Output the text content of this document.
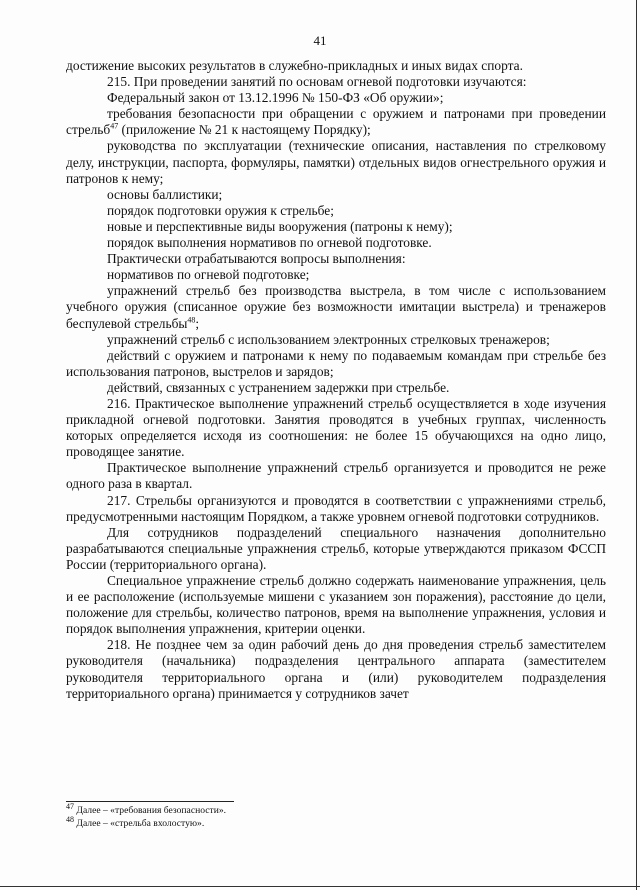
41

достижение высоких результатов в служебно-прикладных и иных видах спорта.

215. При проведении занятий по основам огневой подготовки изучаются:

Федеральный закон от 13.12.1996 № 150-ФЗ «Об оружии»;

требования безопасности при обращении с оружием и патронами при проведении стрельб$^{47}$ (приложение № 21 к настоящему Порядку);

руководства по эксплуатации (технические описания, наставления по стрелковому делу, инструкции, паспорта, формуляры, памятки) отдельных видов огнестрельного оружия и патронов к нему;

основы баллистики;

порядок подготовки оружия к стрельбе;

новые и перспективные виды вооружения (патроны к нему);

порядок выполнения нормативов по огневой подготовке.

Практически отрабатываются вопросы выполнения:

нормативов по огневой подготовке;

упражнений стрельб без производства выстрела, в том числе с использованием учебного оружия (списанное оружие без возможности имитации выстрела) и тренажеров беспулевой стрельбы$^{48}$;

упражнений стрельб с использованием электронных стрелковых тренажеров;

действий с оружием и патронами к нему по подаваемым командам при стрельбе без использования патронов, выстрелов и зарядов;

действий, связанных с устранением задержки при стрельбе.

216. Практическое выполнение упражнений стрельб осуществляется в ходе изучения прикладной огневой подготовки. Занятия проводятся в учебных группах, численность которых определяется исходя из соотношения: не более 15 обучающихся на одно лицо, проводящее занятие.

Практическое выполнение упражнений стрельб организуется и проводится не реже одного раза в квартал.

217. Стрельбы организуются и проводятся в соответствии с упражнениями стрельб, предусмотренными настоящим Порядком, а также уровнем огневой подготовки сотрудников.

Для сотрудников подразделений специального назначения дополнительно разрабатываются специальные упражнения стрельб, которые утверждаются приказом ФССП России (территориального органа).

Специальное упражнение стрельб должно содержать наименование упражнения, цель и ее расположение (используемые мишени с указанием зон поражения), расстояние до цели, положение для стрельбы, количество патронов, время на выполнение упражнения, условия и порядок выполнения упражнения, критерии оценки.

218. Не позднее чем за один рабочий день до дня проведения стрельб заместителем руководителя (начальника) подразделения центрального аппарата (заместителем руководителя территориального органа и (или) руководителем подразделения территориального органа) принимается у сотрудников зачет

$^{47}$ Далее – «требования безопасности».
$^{48}$ Далее – «стрельба вхолостую».
